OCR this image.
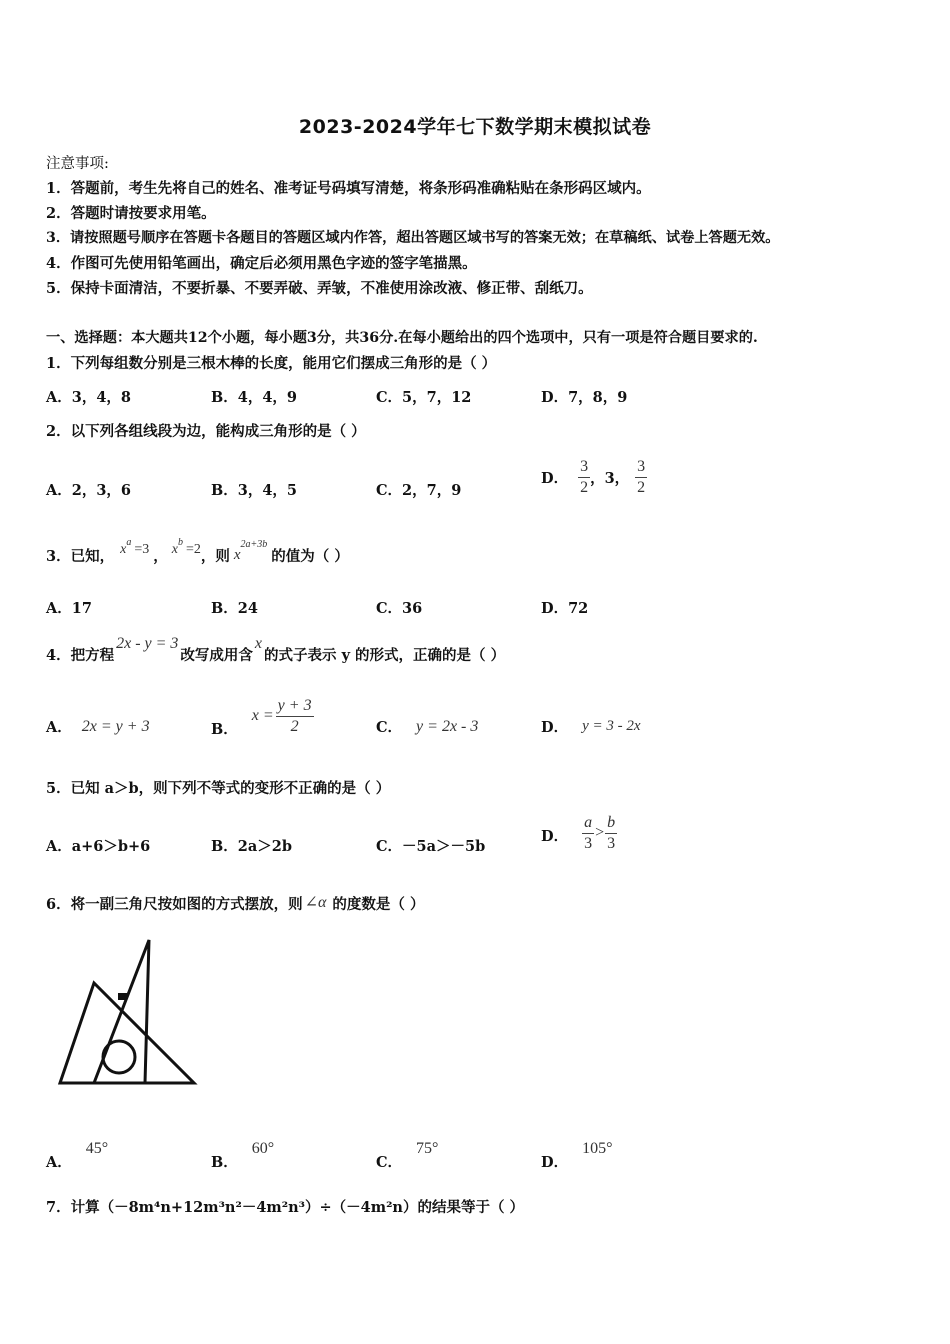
2023-2024学年七下数学期末模拟试卷
注意事项:
1．答题前，考生先将自己的姓名、准考证号码填写清楚，将条形码准确粘贴在条形码区域内。
2．答题时请按要求用笔。
3．请按照题号顺序在答题卡各题目的答题区域内作答，超出答题区域书写的答案无效；在草稿纸、试卷上答题无效。
4．作图可先使用铅笔画出，确定后必须用黑色字迹的签字笔描黑。
5．保持卡面清洁，不要折暴、不要弄破、弄皱，不准使用涂改液、修正带、刮纸刀。
一、选择题：本大题共12个小题，每小题3分，共36分.在每小题给出的四个选项中，只有一项是符合题目要求的.
1．下列每组数分别是三根木棒的长度，能用它们摆成三角形的是（ ）
A．3，4，8	B．4，4，9	C．5，7，12	D．7，8，9
2．以下列各组线段为边，能构成三角形的是（ ）
A．2，3，6	B．3，4，5	C．2，7，9
D． $\frac{3}{2}$ ，3， $\frac{3}{2}$
3．已知， $x^a =3$ ， $x^b =2$ ，则 $x^{2a+3b}$
的值为（ ）
A．17	B．24	C．36	D．72
4．把方程
2x - y = 3
改写成用含
x
的式子表示 y 的形式，正确的是（ ）
A． 2x = y + 3	B．
$x = \frac{y + 3}{2}$	C． y = 2x - 3	D． y = 3 - 2x
5．已知 a＞b，则下列不等式的变形不正确的是（ ）
A．a+6＞b+6	B．2a＞2b	C．－5a＞－5b
D． $\frac{a}{3} > \frac{b}{3}$
6．将一副三角尺按如图的方式摆放，则 ∠α 的度数是（ ）
A．
45°
B．
60°
C．
75°
D．
105°
7．计算（－8m⁴n+12m³n²－4m²n³）÷（－4m²n）的结果等于（ ）
